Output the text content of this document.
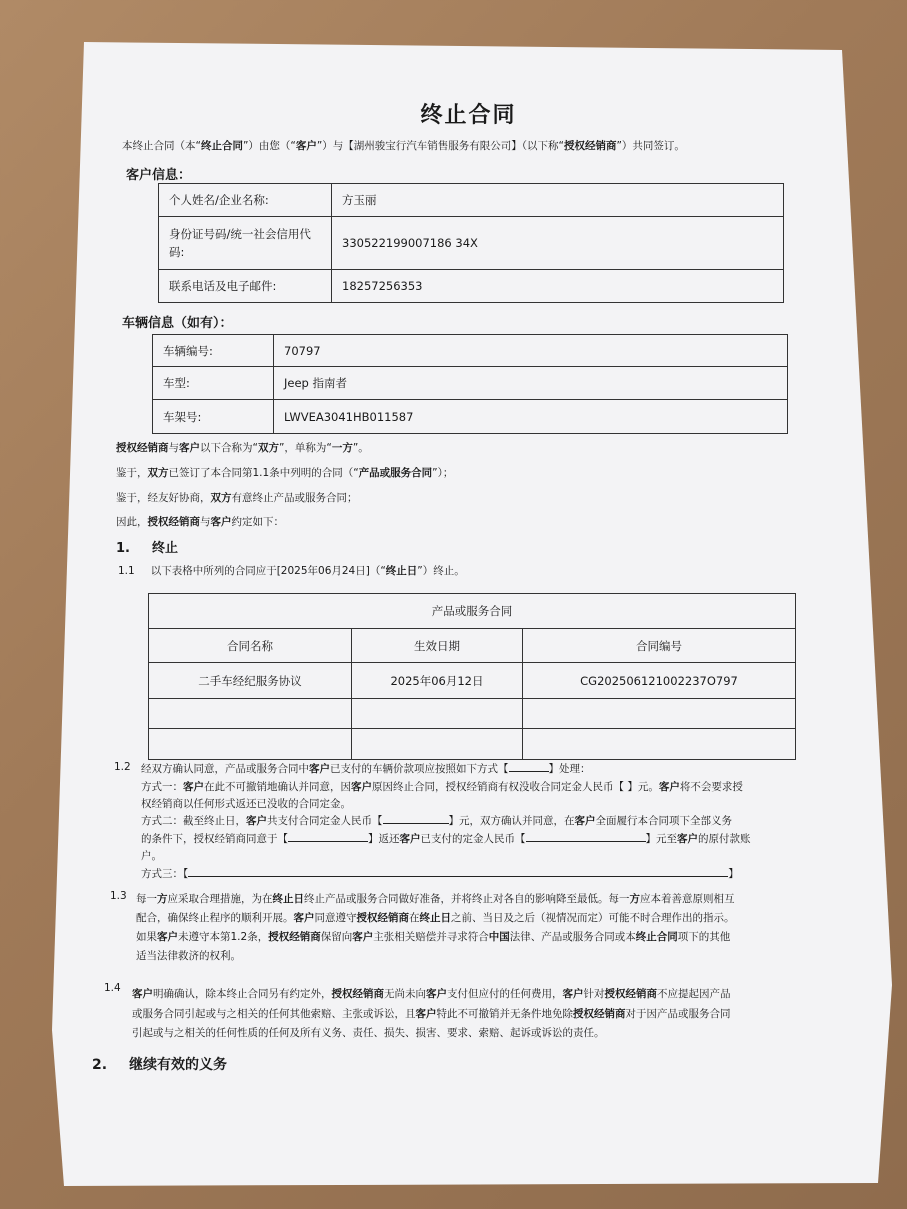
终止合同
本终止合同（本“终止合同”）由您（“客户”）与【湖州骏宝行汽车销售服务有限公司】（以下称“授权经销商”）共同签订。
客户信息：
个人姓名/企业名称:	方玉丽
身份证号码/统一社会信用代码:	330522199007186 34X
联系电话及电子邮件:	18257256353
车辆信息（如有）：
车辆编号:	70797
车型:	Jeep 指南者
车架号:	LWVEA3041HB011587
授权经销商与客户以下合称为“双方”，单称为“一方”。
鉴于，双方已签订了本合同第1.1条中列明的合同（“产品或服务合同”）；
鉴于，经友好协商，双方有意终止产品或服务合同；
因此，授权经销商与客户约定如下：
1. 终止
1.1 以下表格中所列的合同应于[2025年06月24日]（“终止日”）终止。
产品或服务合同		
合同名称	生效日期	合同编号
二手车经纪服务协议	2025年06月12日	CG202506121002237O797

1.2 经双方确认同意，产品或服务合同中客户已支付的车辆价款项应按照如下方式【	】处理：
方式一：客户在此不可撤销地确认并同意，因客户原因终止合同，授权经销商有权没收合同定金人民币【 】元。客户将不会要求授
权经销商以任何形式返还已没收的合同定金。
方式二：截至终止日，客户共支付合同定金人民币【	】元，双方确认并同意，在客户全面履行本合同项下全部义务
的条件下，授权经销商同意于【	】返还客户已支付的定金人民币【	】元至客户的原付款账
户。
方式三：【	】
1.3 每一方应采取合理措施，为在终止日终止产品或服务合同做好准备，并将终止对各自的影响降至最低。每一方应本着善意原则相互
配合，确保终止程序的顺利开展。客户同意遵守授权经销商在终止日之前、当日及之后（视情况而定）可能不时合理作出的指示。
如果客户未遵守本第1.2条，授权经销商保留向客户主张相关赔偿并寻求符合中国法律、产品或服务合同或本终止合同项下的其他
适当法律救济的权利。
1.4 客户明确确认，除本终止合同另有约定外，授权经销商无尚未向客户支付但应付的任何费用，客户针对授权经销商不应提起因产品
或服务合同引起或与之相关的任何其他索赔、主张或诉讼，且客户特此不可撤销并无条件地免除授权经销商对于因产品或服务合同
引起或与之相关的任何性质的任何及所有义务、责任、损失、损害、要求、索赔、起诉或诉讼的责任。
2. 继续有效的义务
